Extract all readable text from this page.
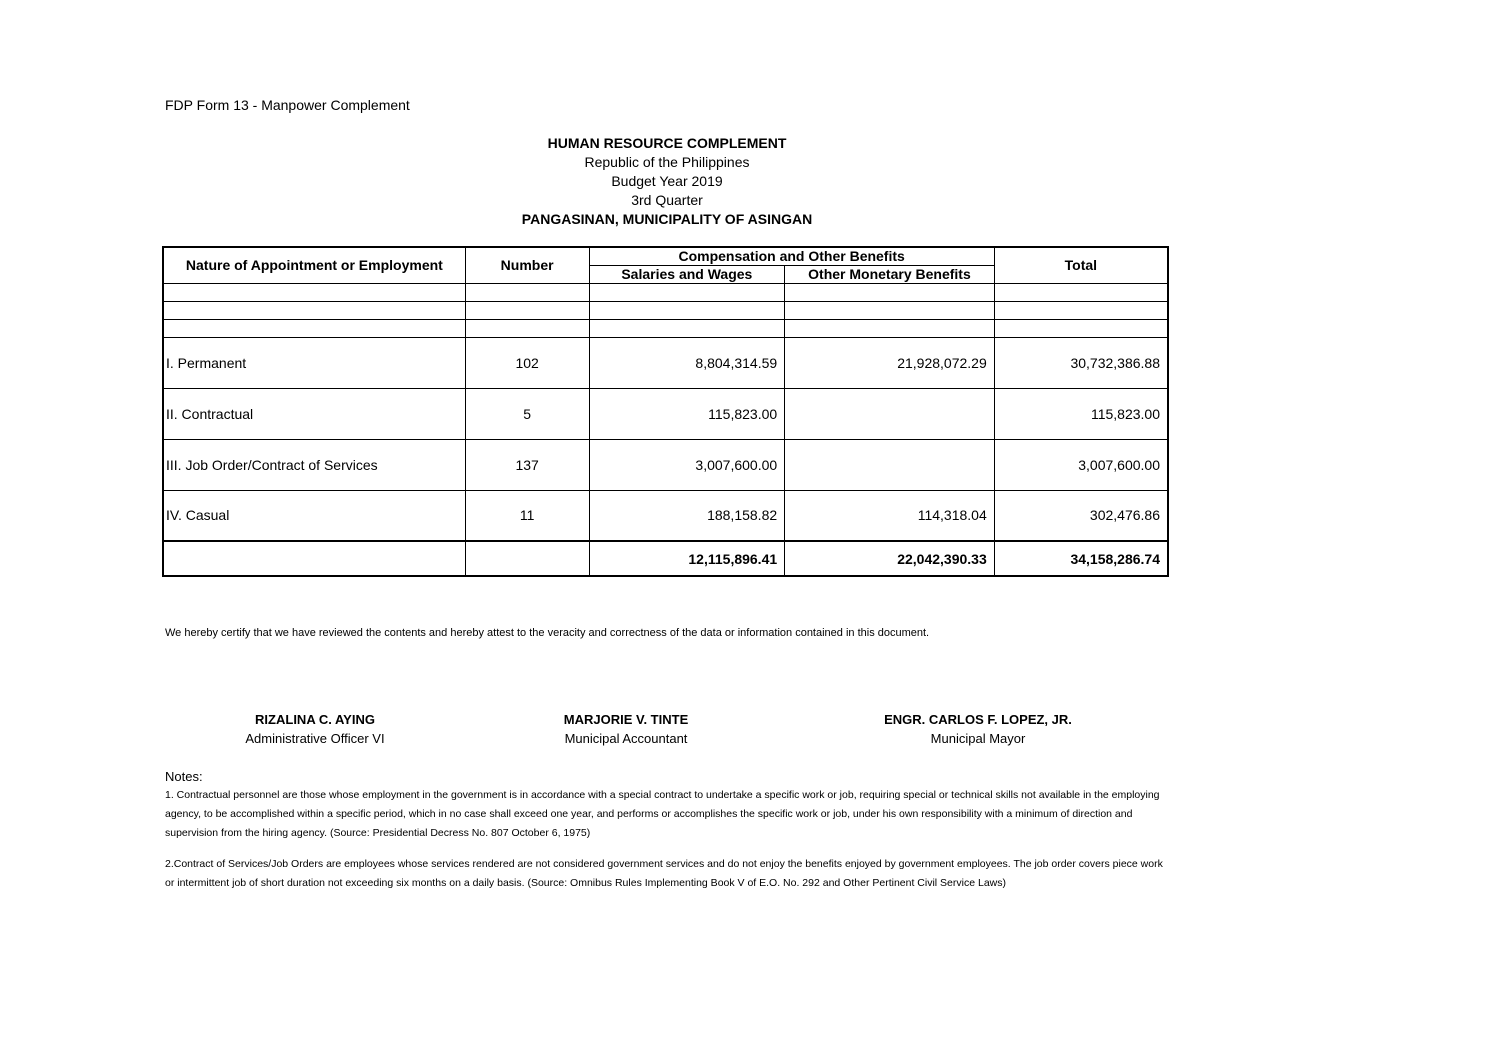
FDP Form 13 - Manpower Complement
HUMAN RESOURCE COMPLEMENT
Republic of the Philippines
Budget Year 2019
3rd Quarter
PANGASINAN, MUNICIPALITY OF ASINGAN
Nature of Appointment or Employment	Number	Compensation and Other Benefits		Total
		Salaries and Wages	Other Monetary Benefits	

I. Permanent	102	8,804,314.59	21,928,072.29	30,732,386.88
II. Contractual	5	115,823.00		115,823.00
III. Job Order/Contract of Services	137	3,007,600.00		3,007,600.00
IV. Casual	11	188,158.82	114,318.04	302,476.86
		12,115,896.41	22,042,390.33	34,158,286.74
We hereby certify that we have reviewed the contents and hereby attest to the veracity and correctness of the data or information contained in this document.
RIZALINA C. AYING
Administrative Officer VI
MARJORIE V. TINTE
Municipal Accountant
ENGR. CARLOS F. LOPEZ, JR.
Municipal Mayor
Notes:

1. Contractual personnel are those whose employment in the government is in accordance with a special contract to undertake a specific work or job, requiring special or technical skills not available in the employing agency, to be accomplished within a specific period, which in no case shall exceed one year, and performs or accomplishes the specific work or job, under his own responsibility with a minimum of direction and supervision from the hiring agency. (Source: Presidential Decress No. 807 October 6, 1975)

2.Contract of Services/Job Orders are employees whose services rendered are not considered government services and do not enjoy the benefits enjoyed by government employees. The job order covers piece work or intermittent job of short duration not exceeding six months on a daily basis. (Source: Omnibus Rules Implementing Book V of E.O. No. 292 and Other Pertinent Civil Service Laws)
